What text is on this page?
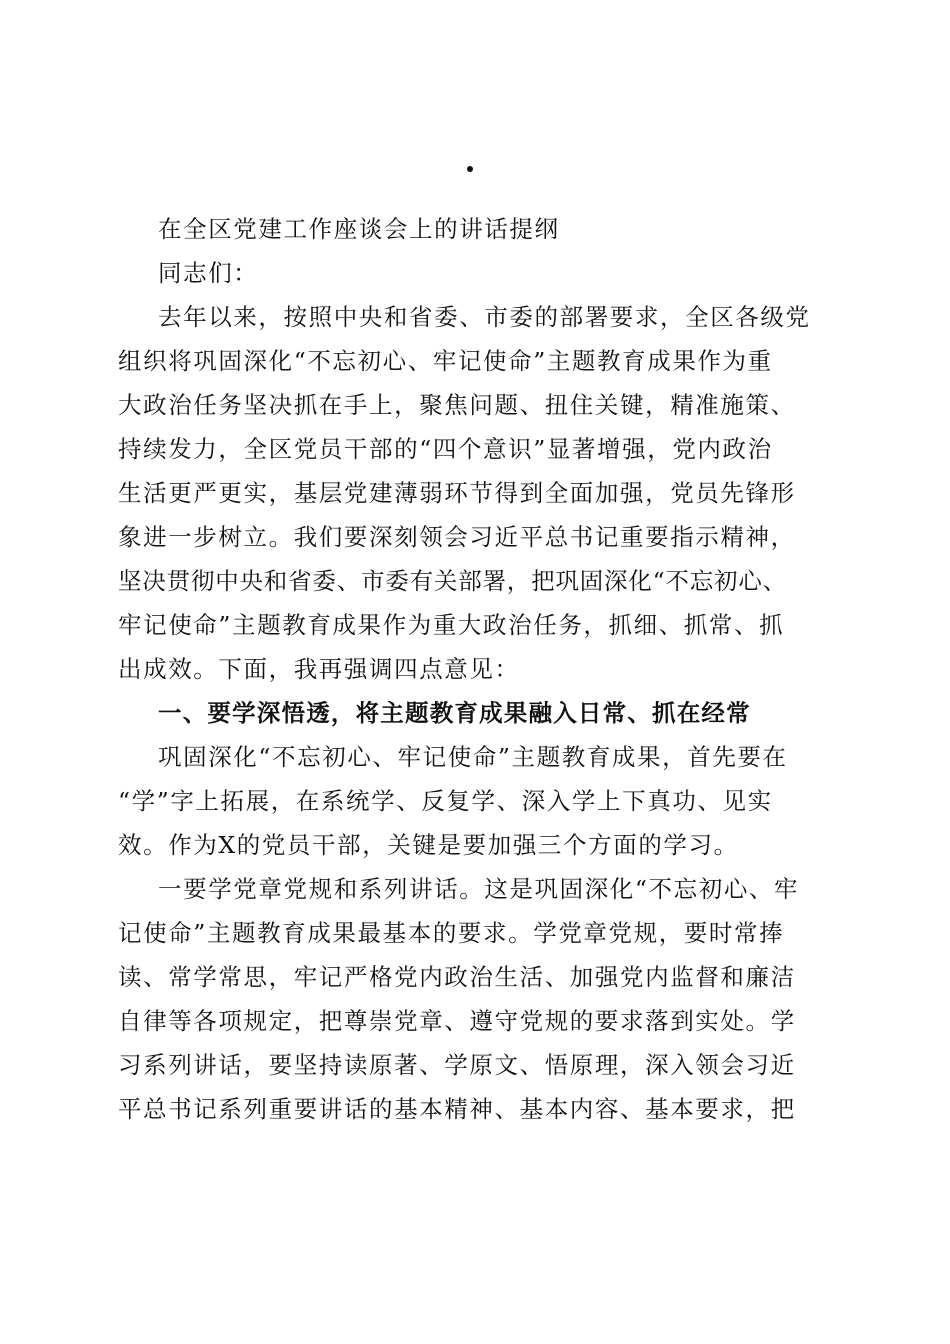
在全区党建工作座谈会上的讲话提纲
同志们：
去年以来，按照中央和省委、市委的部署要求，全区各级党
组织将巩固深化“不忘初心、牢记使命”主题教育成果作为重
大政治任务坚决抓在手上，聚焦问题、扭住关键，精准施策、
持续发力，全区党员干部的“四个意识”显著增强，党内政治
生活更严更实，基层党建薄弱环节得到全面加强，党员先锋形
象进一步树立。我们要深刻领会习近平总书记重要指示精神，
坚决贯彻中央和省委、市委有关部署，把巩固深化“不忘初心、
牢记使命”主题教育成果作为重大政治任务，抓细、抓常、抓
出成效。下面，我再强调四点意见：
一、要学深悟透，将主题教育成果融入日常、抓在经常
巩固深化“不忘初心、牢记使命”主题教育成果，首先要在
“学”字上拓展，在系统学、反复学、深入学上下真功、见实
效。作为X的党员干部，关键是要加强三个方面的学习。
一要学党章党规和系列讲话。这是巩固深化“不忘初心、牢
记使命”主题教育成果最基本的要求。学党章党规，要时常捧
读、常学常思，牢记严格党内政治生活、加强党内监督和廉洁
自律等各项规定，把尊崇党章、遵守党规的要求落到实处。学
习系列讲话，要坚持读原著、学原文、悟原理，深入领会习近
平总书记系列重要讲话的基本精神、基本内容、基本要求，把
